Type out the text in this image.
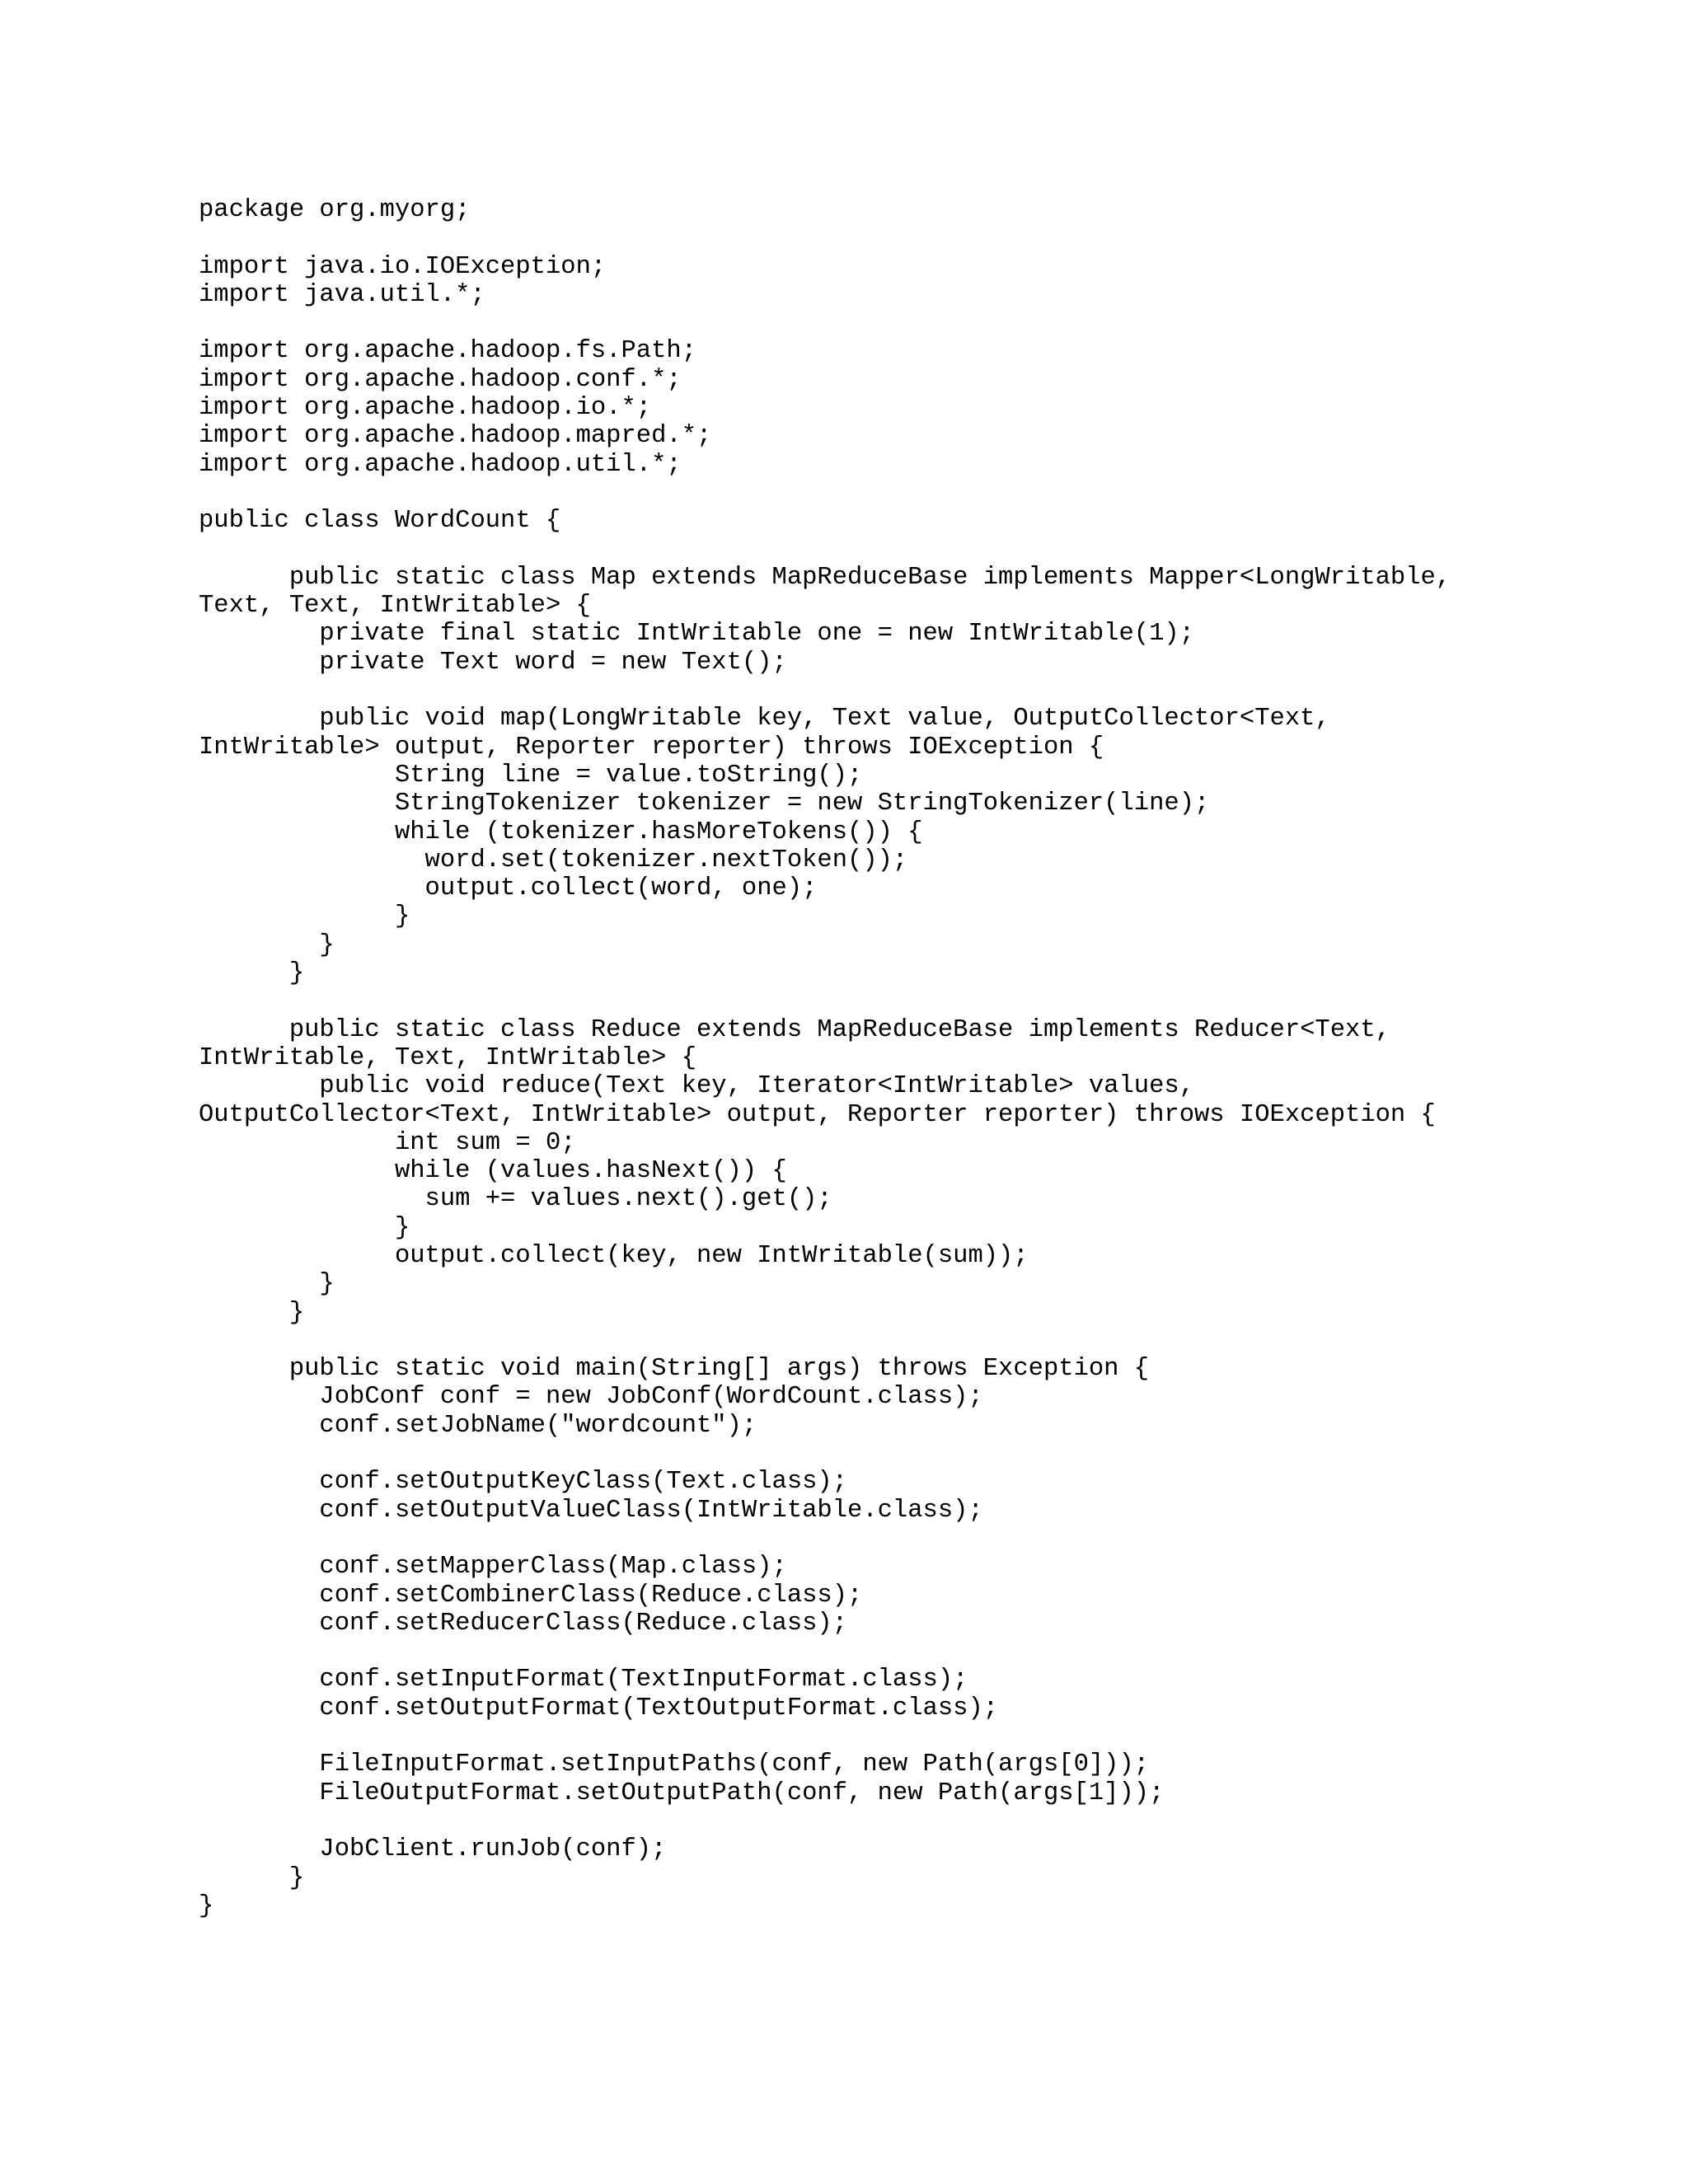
package org.myorg;
import java.io.IOException;
import java.util.*;
import org.apache.hadoop.fs.Path;
import org.apache.hadoop.conf.*;
import org.apache.hadoop.io.*;
import org.apache.hadoop.mapred.*;
import org.apache.hadoop.util.*;
public class WordCount {
public static class Map extends MapReduceBase implements Mapper<LongWritable,
Text, Text, IntWritable> {
private final static IntWritable one = new IntWritable(1);
private Text word = new Text();
public void map(LongWritable key, Text value, OutputCollector<Text,
IntWritable> output, Reporter reporter) throws IOException {
String line = value.toString();
StringTokenizer tokenizer = new StringTokenizer(line);
while (tokenizer.hasMoreTokens()) {
word.set(tokenizer.nextToken());
output.collect(word, one);
}
}
}
public static class Reduce extends MapReduceBase implements Reducer<Text,
IntWritable, Text, IntWritable> {
public void reduce(Text key, Iterator<IntWritable> values,
OutputCollector<Text, IntWritable> output, Reporter reporter) throws IOException {
int sum = 0;
while (values.hasNext()) {
sum += values.next().get();
}
output.collect(key, new IntWritable(sum));
}
}
public static void main(String[] args) throws Exception {
JobConf conf = new JobConf(WordCount.class);
conf.setJobName("wordcount");
conf.setOutputKeyClass(Text.class);
conf.setOutputValueClass(IntWritable.class);
conf.setMapperClass(Map.class);
conf.setCombinerClass(Reduce.class);
conf.setReducerClass(Reduce.class);
conf.setInputFormat(TextInputFormat.class);
conf.setOutputFormat(TextOutputFormat.class);
FileInputFormat.setInputPaths(conf, new Path(args[0]));
FileOutputFormat.setOutputPath(conf, new Path(args[1]));
JobClient.runJob(conf);
}
}
